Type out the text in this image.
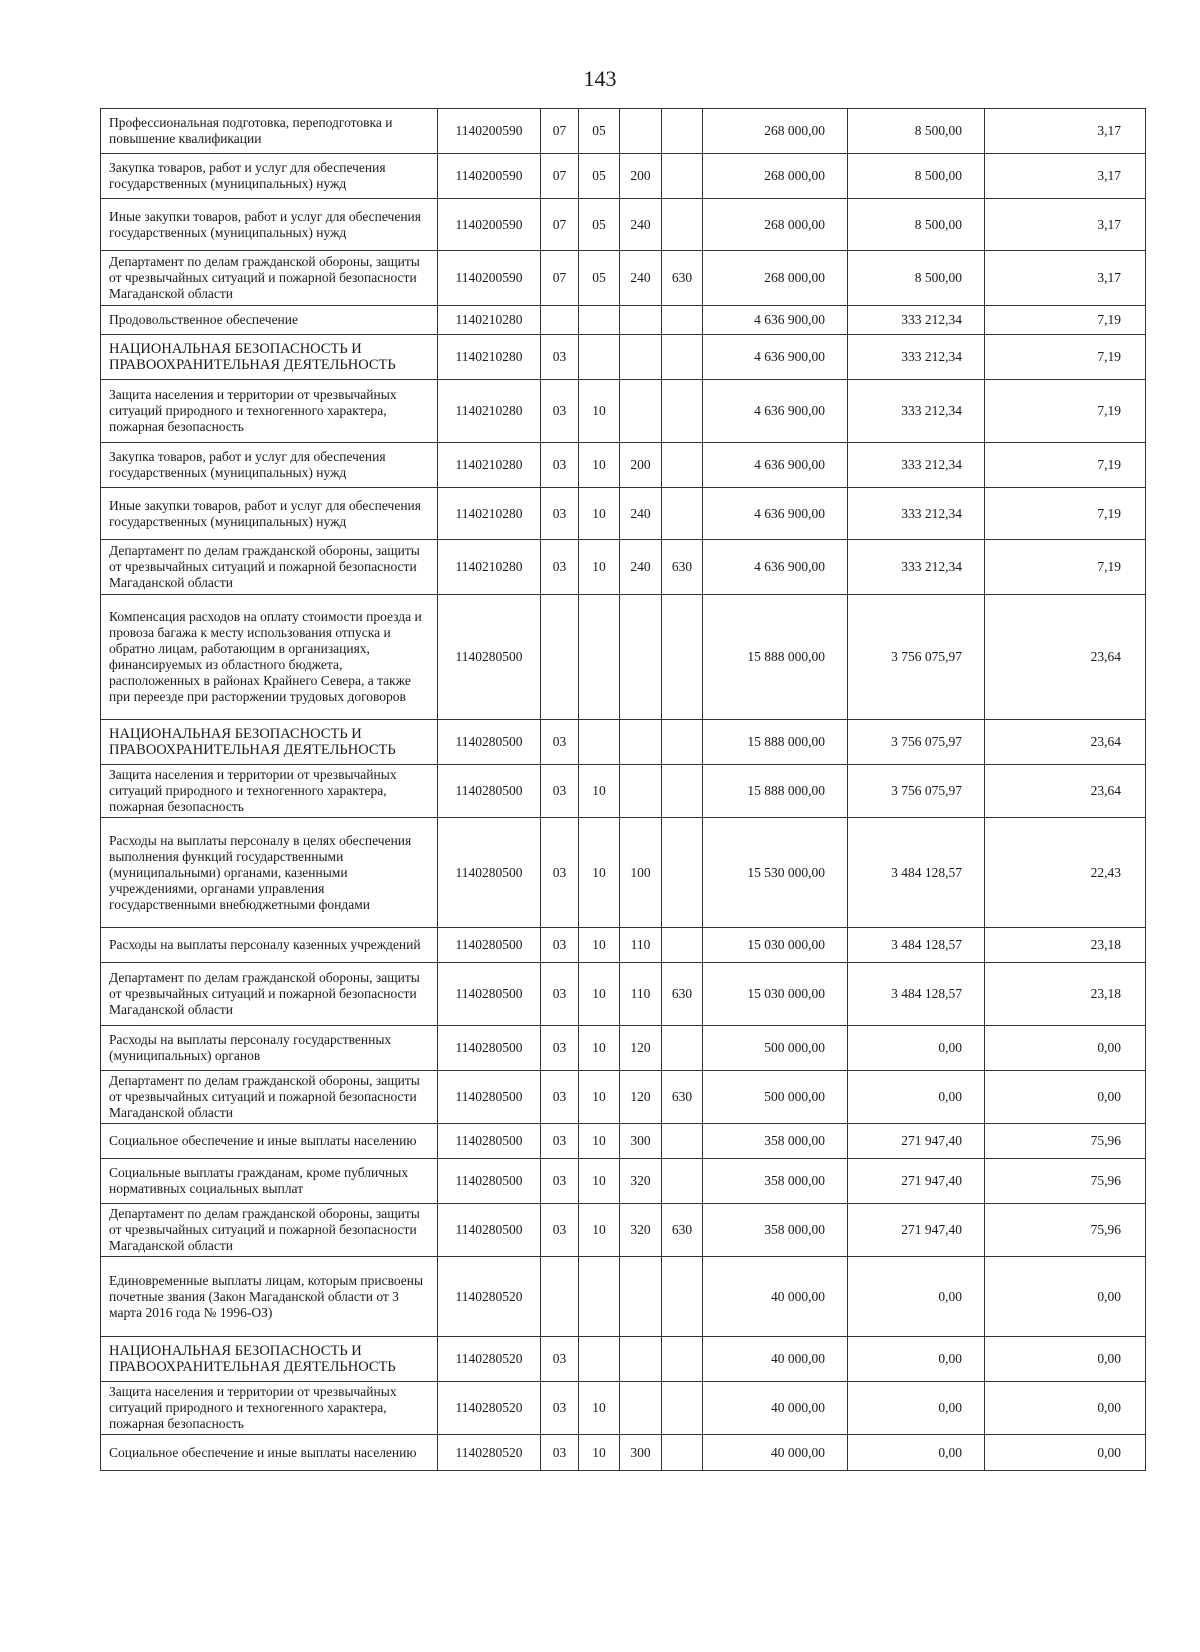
143
Профессиональная подготовка, переподготовка и повышение квалификации	1140200590	07	05			268 000,00	8 500,00	3,17
Закупка товаров, работ и услуг для обеспечения государственных (муниципальных) нужд	1140200590	07	05	200		268 000,00	8 500,00	3,17
Иные закупки товаров, работ и услуг для обеспечения государственных (муниципальных) нужд	1140200590	07	05	240		268 000,00	8 500,00	3,17
Департамент по делам гражданской обороны, защиты от чрезвычайных ситуаций и пожарной безопасности Магаданской области	1140200590	07	05	240	630	268 000,00	8 500,00	3,17
Продовольственное обеспечение	1140210280					4 636 900,00	333 212,34	7,19
НАЦИОНАЛЬНАЯ БЕЗОПАСНОСТЬ И ПРАВООХРАНИТЕЛЬНАЯ ДЕЯТЕЛЬНОСТЬ	1140210280	03				4 636 900,00	333 212,34	7,19
Защита населения и территории от чрезвычайных ситуаций природного и техногенного характера, пожарная безопасность	1140210280	03	10			4 636 900,00	333 212,34	7,19
Закупка товаров, работ и услуг для обеспечения государственных (муниципальных) нужд	1140210280	03	10	200		4 636 900,00	333 212,34	7,19
Иные закупки товаров, работ и услуг для обеспечения государственных (муниципальных) нужд	1140210280	03	10	240		4 636 900,00	333 212,34	7,19
Департамент по делам гражданской обороны, защиты от чрезвычайных ситуаций и пожарной безопасности Магаданской области	1140210280	03	10	240	630	4 636 900,00	333 212,34	7,19
Компенсация расходов на оплату стоимости проезда и провоза багажа к месту использования отпуска и обратно лицам, работающим в организациях, финансируемых из областного бюджета, расположенных в районах Крайнего Севера, а также при переезде при расторжении трудовых договоров	1140280500					15 888 000,00	3 756 075,97	23,64
НАЦИОНАЛЬНАЯ БЕЗОПАСНОСТЬ И ПРАВООХРАНИТЕЛЬНАЯ ДЕЯТЕЛЬНОСТЬ	1140280500	03				15 888 000,00	3 756 075,97	23,64
Защита населения и территории от чрезвычайных ситуаций природного и техногенного характера, пожарная безопасность	1140280500	03	10			15 888 000,00	3 756 075,97	23,64
Расходы на выплаты персоналу в целях обеспечения выполнения функций государственными (муниципальными) органами, казенными учреждениями, органами управления государственными внебюджетными фондами	1140280500	03	10	100		15 530 000,00	3 484 128,57	22,43
Расходы на выплаты персоналу казенных учреждений	1140280500	03	10	110		15 030 000,00	3 484 128,57	23,18
Департамент по делам гражданской обороны, защиты от чрезвычайных ситуаций и пожарной безопасности Магаданской области	1140280500	03	10	110	630	15 030 000,00	3 484 128,57	23,18
Расходы на выплаты персоналу государственных (муниципальных) органов	1140280500	03	10	120		500 000,00	0,00	0,00
Департамент по делам гражданской обороны, защиты от чрезвычайных ситуаций и пожарной безопасности Магаданской области	1140280500	03	10	120	630	500 000,00	0,00	0,00
Социальное обеспечение и иные выплаты населению	1140280500	03	10	300		358 000,00	271 947,40	75,96
Социальные выплаты гражданам, кроме публичных нормативных социальных выплат	1140280500	03	10	320		358 000,00	271 947,40	75,96
Департамент по делам гражданской обороны, защиты от чрезвычайных ситуаций и пожарной безопасности Магаданской области	1140280500	03	10	320	630	358 000,00	271 947,40	75,96
Единовременные выплаты лицам, которым присвоены почетные звания (Закон Магаданской области от 3 марта 2016 года № 1996-ОЗ)	1140280520					40 000,00	0,00	0,00
НАЦИОНАЛЬНАЯ БЕЗОПАСНОСТЬ И ПРАВООХРАНИТЕЛЬНАЯ ДЕЯТЕЛЬНОСТЬ	1140280520	03				40 000,00	0,00	0,00
Защита населения и территории от чрезвычайных ситуаций природного и техногенного характера, пожарная безопасность	1140280520	03	10			40 000,00	0,00	0,00
Социальное обеспечение и иные выплаты населению	1140280520	03	10	300		40 000,00	0,00	0,00
